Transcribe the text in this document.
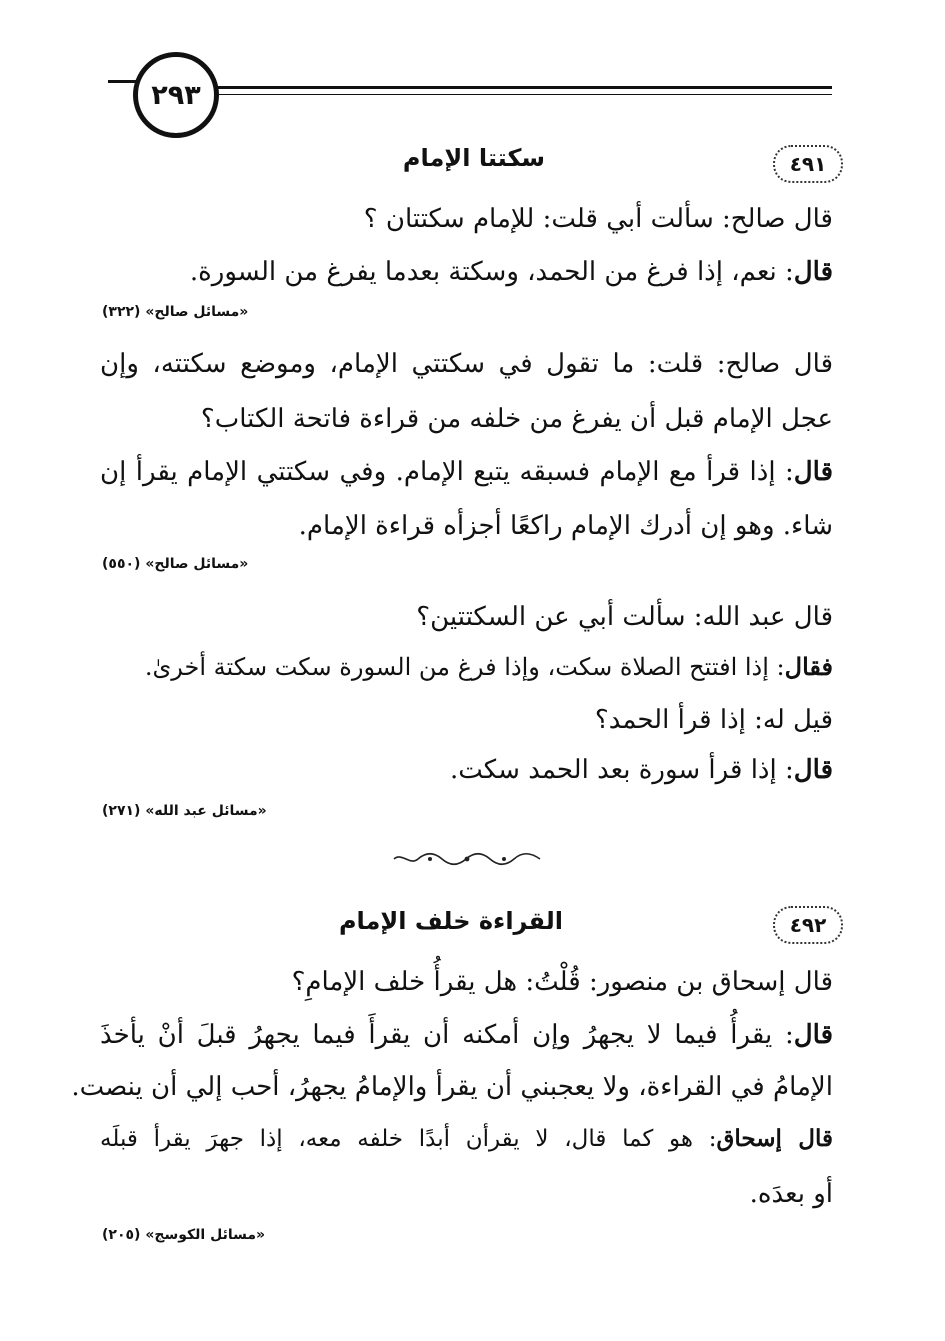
٢٩٣
٤٩١
سكتتا الإمام
قال صالح: سألت أبي قلت: للإمام سكتتان ؟
قال: نعم، إذا فرغ من الحمد، وسكتة بعدما يفرغ من السورة.
«مسائل صالح» (٣٢٢)
قال صالح: قلت: ما تقول في سكتتي الإمام، وموضع سكتته، وإن
عجل الإمام قبل أن يفرغ من خلفه من قراءة فاتحة الكتاب؟
قال: إذا قرأ مع الإمام فسبقه يتبع الإمام. وفي سكتتي الإمام يقرأ إن
شاء. وهو إن أدرك الإمام راكعًا أجزأه قراءة الإمام.
«مسائل صالح» (٥٥٠)
قال عبد الله: سألت أبي عن السكتتين؟
فقال: إذا افتتح الصلاة سكت، وإذا فرغ من السورة سكت سكتة أخرىٰ.
قيل له: إذا قرأ الحمد؟
قال: إذا قرأ سورة بعد الحمد سكت.
«مسائل عبد الله» (٢٧١)
٤٩٢
القراءة خلف الإمام
قال إسحاق بن منصور: قُلْتُ: هل يقرأُ خلف الإمامِ؟
قال: يقرأُ فيما لا يجهرُ وإن أمكنه أن يقرأَ فيما يجهرُ قبلَ أنْ يأخذَ
الإمامُ في القراءة، ولا يعجبني أن يقرأ والإمامُ يجهرُ، أحب إلي أن ينصت.
قال إسحاق: هو كما قال، لا يقرأن أبدًا خلفه معه، إذا جهرَ يقرأ قبلَه
أو بعدَه.
«مسائل الكوسج» (٢٠٥)
